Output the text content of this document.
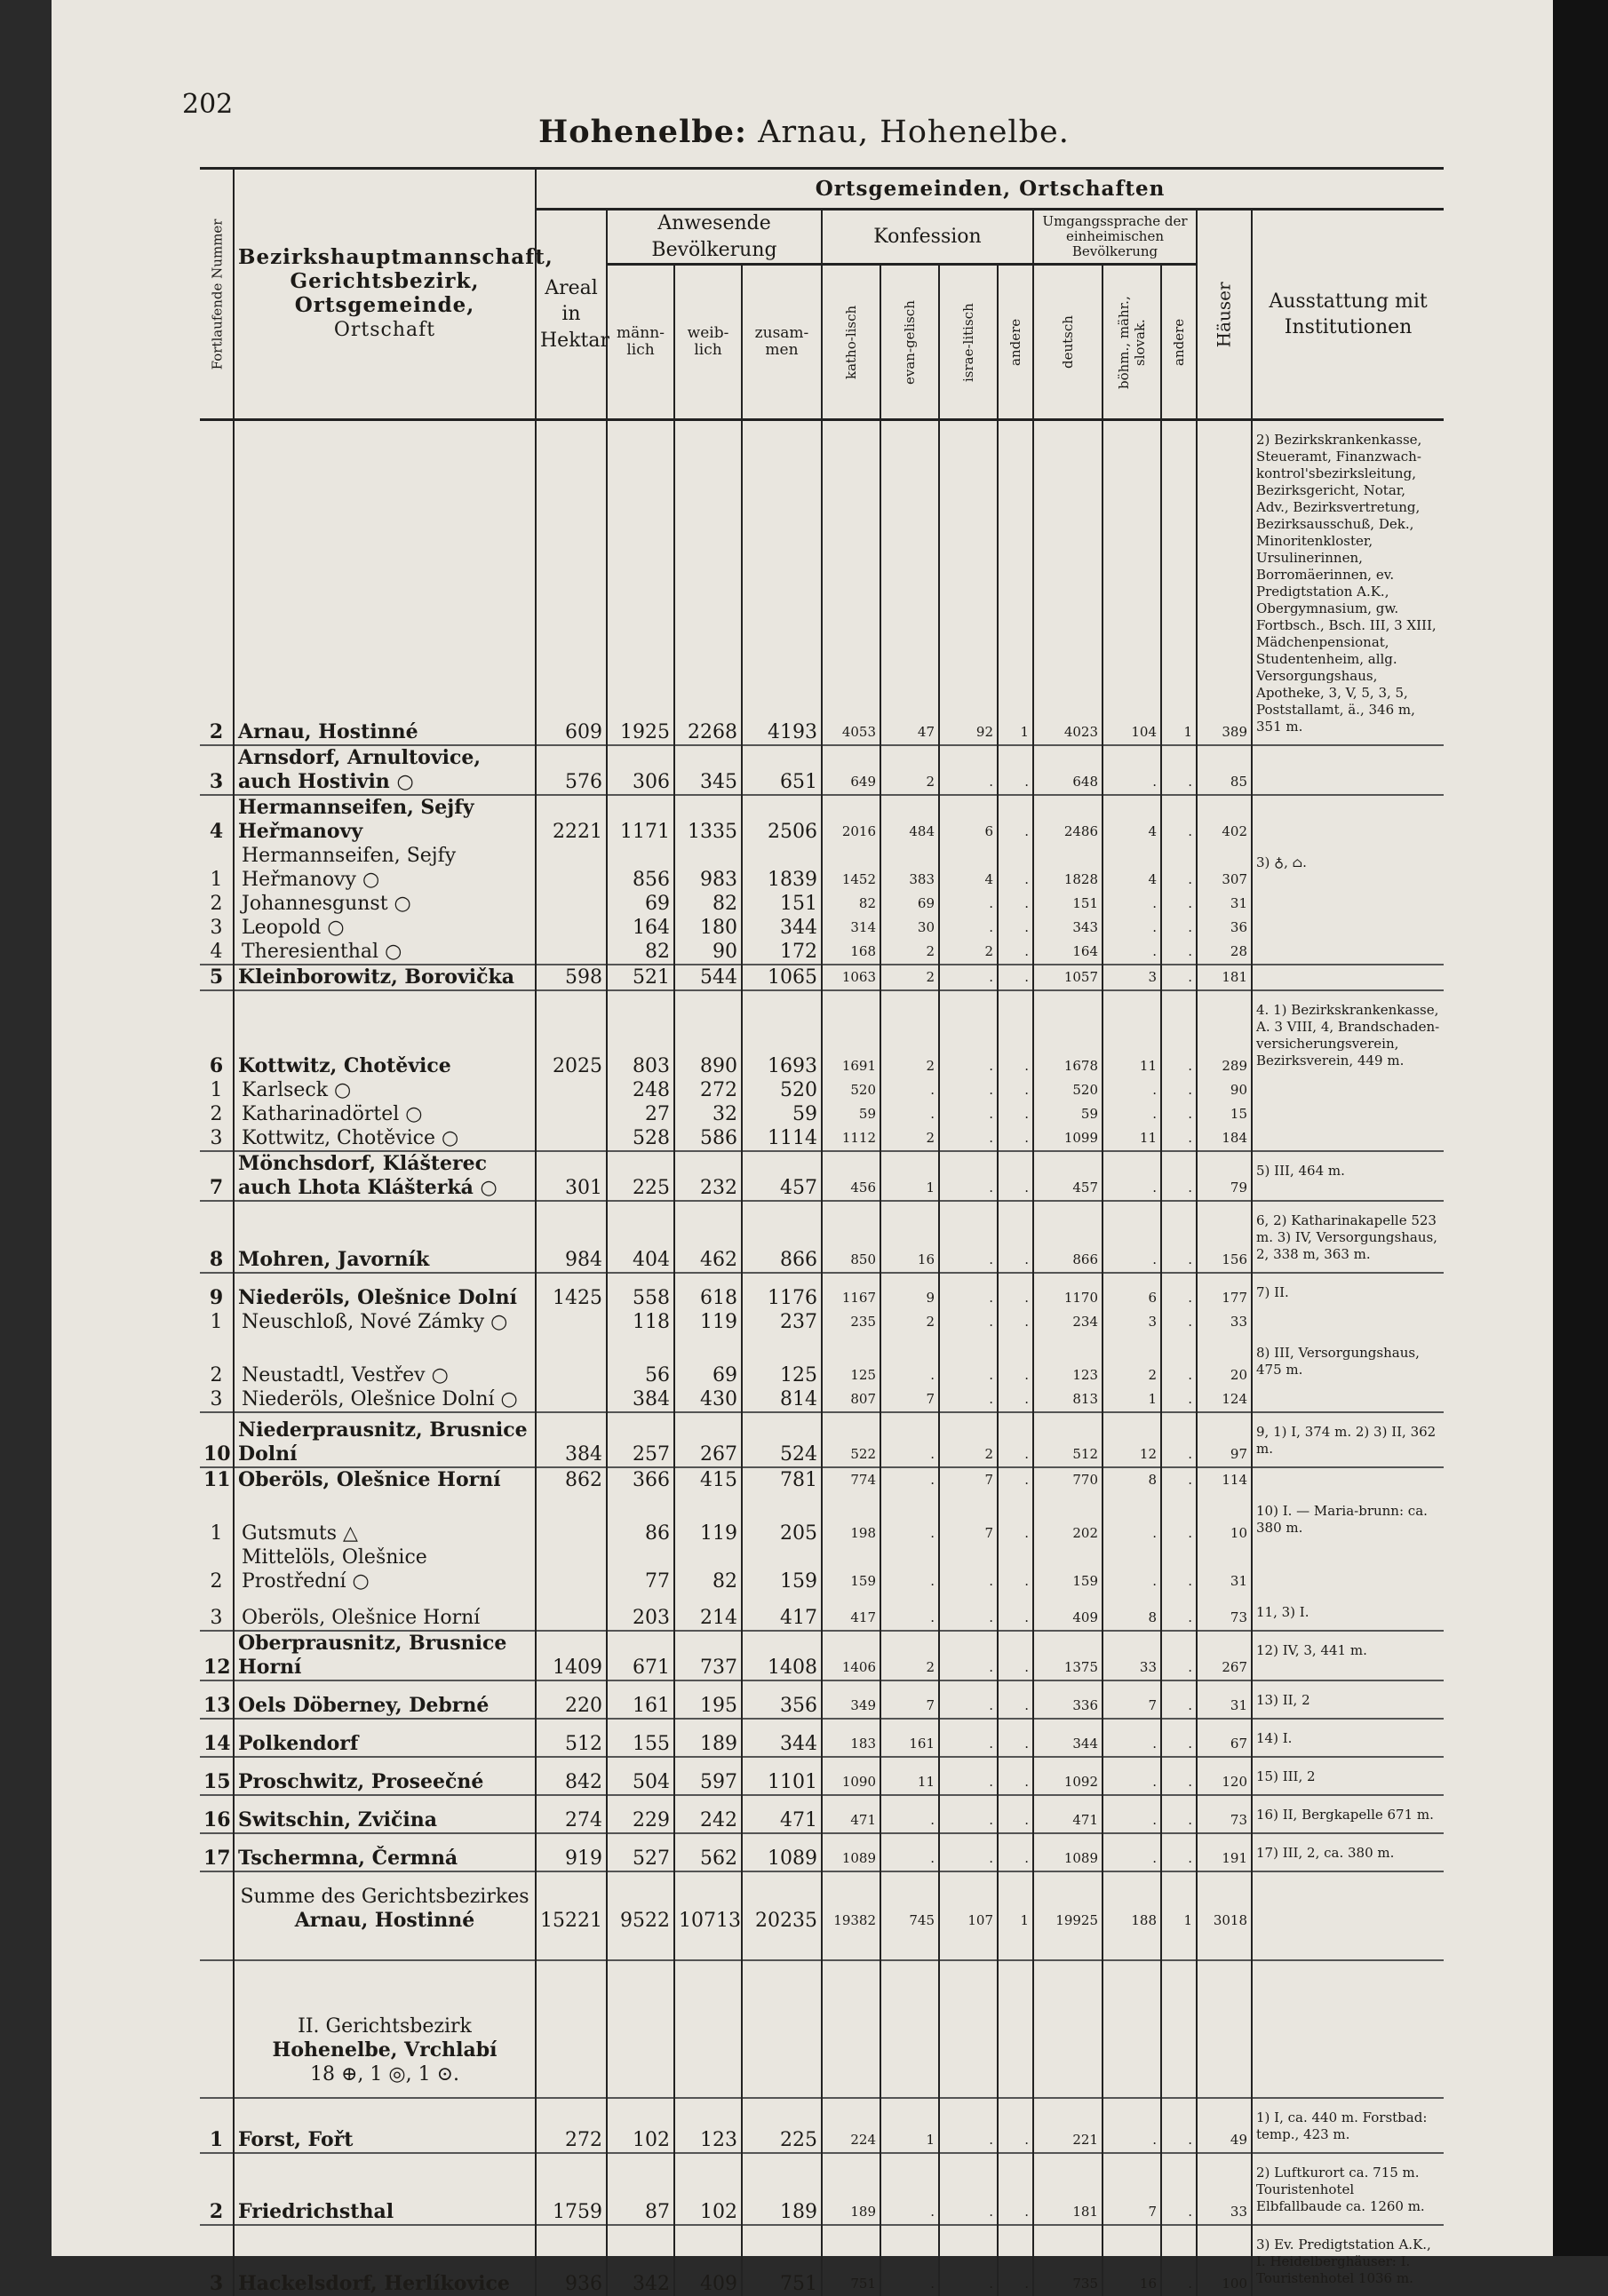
202
Hohenelbe: Arnau, Hohenelbe.
Fortlaufende Nummer	Bezirkshauptmannschaft,
Gerichtsbezirk,
Ortsgemeinde,
Ortschaft	Ortsgemeinden, Ortschaften												
		Areal in Hektar	Anwesende Bevölkerung			Konfession				Umgangssprache der einheimischen Bevölkerung			Häuser	Ausstattung mit Institutionen
			männ-lich	weib-lich	zusam-men	katho-lisch	evan-gelisch	israe-litisch	andere	deutsch	böhm., mähr., slovak.	andere		
2	Arnau, Hostinné	609	1925	2268	4193	4053	47	92	1	4023	104	1	389	2) Bezirkskrankenkasse, Steueramt, Finanzwach-kontrol'sbezirksleitung, Bezirksgericht, Notar, Adv., Bezirksvertretung, Bezirksausschuß, Dek., Minoritenkloster, Ursulinerinnen, Borromäerinnen, ev. Predigtstation A.K., Obergymnasium, gw. Fortbsch., Bsch. III, 3 XIII, Mädchenpensionat, Studentenheim, allg. Versorgungshaus, Apotheke, 3, V, 5, 3, 5, Poststallamt, ä., 346 m, 351 m.
3	Arnsdorf, Arnultovice, auch Hostivin ○	576	306	345	651	649	2	.	.	648	.	.	85	
4	Hermannseifen, Sejfy Heřmanovy	2221	1171	1335	2506	2016	484	6	.	2486	4	.	402	
1	Hermannseifen, Sejfy Heřmanovy ○		856	983	1839	1452	383	4	.	1828	4	.	307	3) ♁, ⌂.
2	Johannesgunst ○		69	82	151	82	69	.	.	151	.	.	31	
3	Leopold ○		164	180	344	314	30	.	.	343	.	.	36	
4	Theresienthal ○		82	90	172	168	2	2	.	164	.	.	28	
5	Kleinborowitz, Borovička	598	521	544	1065	1063	2	.	.	1057	3	.	181	
6	Kottwitz, Chotěvice	2025	803	890	1693	1691	2	.	.	1678	11	.	289	4. 1) Bezirkskrankenkasse, A. 3 VIII, 4, Brandschaden-versicherungsverein, Bezirksverein, 449 m.
1	Karlseck ○		248	272	520	520	.	.	.	520	.	.	90	
2	Katharinadörtel ○		27	32	59	59	.	.	.	59	.	.	15	
3	Kottwitz, Chotěvice ○		528	586	1114	1112	2	.	.	1099	11	.	184	
7	Mönchsdorf, Klášterec auch Lhota Klášterká ○	301	225	232	457	456	1	.	.	457	.	.	79	5) III, 464 m.
8	Mohren, Javorník	984	404	462	866	850	16	.	.	866	.	.	156	6, 2) Katharinakapelle 523 m. 3) IV, Versorgungshaus, 2, 338 m, 363 m.
9	Niederöls, Olešnice Dolní	1425	558	618	1176	1167	9	.	.	1170	6	.	177	7) II.
1	Neuschloß, Nové Zámky ○		118	119	237	235	2	.	.	234	3	.	33	
2	Neustadtl, Vestřev ○		56	69	125	125	.	.	.	123	2	.	20	8) III, Versorgungshaus, 475 m.
3	Niederöls, Olešnice Dolní ○		384	430	814	807	7	.	.	813	1	.	124	
10	Niederprausnitz, Brusnice Dolní	384	257	267	524	522	.	2	.	512	12	.	97	9, 1) I, 374 m. 2) 3) II, 362 m.
11	Oberöls, Olešnice Horní	862	366	415	781	774	.	7	.	770	8	.	114	
1	Gutsmuts △		86	119	205	198	.	7	.	202	.	.	10	10) I. — Maria-brunn: ca. 380 m.
2	Mittelöls, Olešnice Prostřední ○		77	82	159	159	.	.	.	159	.	.	31	
3	Oberöls, Olešnice Horní		203	214	417	417	.	.	.	409	8	.	73	11, 3) I.
12	Oberprausnitz, Brusnice Horní	1409	671	737	1408	1406	2	.	.	1375	33	.	267	12) IV, 3, 441 m.
13	Oels Döberney, Debrné	220	161	195	356	349	7	.	.	336	7	.	31	13) II, 2
14	Polkendorf	512	155	189	344	183	161	.	.	344	.	.	67	14) I.
15	Proschwitz, Proseečné	842	504	597	1101	1090	11	.	.	1092	.	.	120	15) III, 2
16	Switschin, Zvičina	274	229	242	471	471	.	.	.	471	.	.	73	16) II, Bergkapelle 671 m.
17	Tschermna, Čermná	919	527	562	1089	1089	.	.	.	1089	.	.	191	17) III, 2, ca. 380 m.

	Summe des Gerichtsbezirkes
Arnau, Hostinné	15221	9522	10713	20235	19382	745	107	1	19925	188	1	3018	

	II. Gerichtsbezirk
Hohenelbe, Vrchlabí
18 ⊕, 1 ◎, 1 ⊙.													

1	Forst, Fořt	272	102	123	225	224	1	.	.	221	.	.	49	1) I, ca. 440 m. Forstbad: temp., 423 m.
2	Friedrichsthal	1759	87	102	189	189	.	.	.	181	7	.	33	2) Luftkurort ca. 715 m. Touristenhotel Elbfallbaude ca. 1260 m.
3	Hackelsdorf, Herlíkovice	936	342	409	751	751	.	.	.	735	16	.	100	3) Ev. Predigtstation A.K., I. Heidelberghäuser: I. Touristenhotel 1036 m.
